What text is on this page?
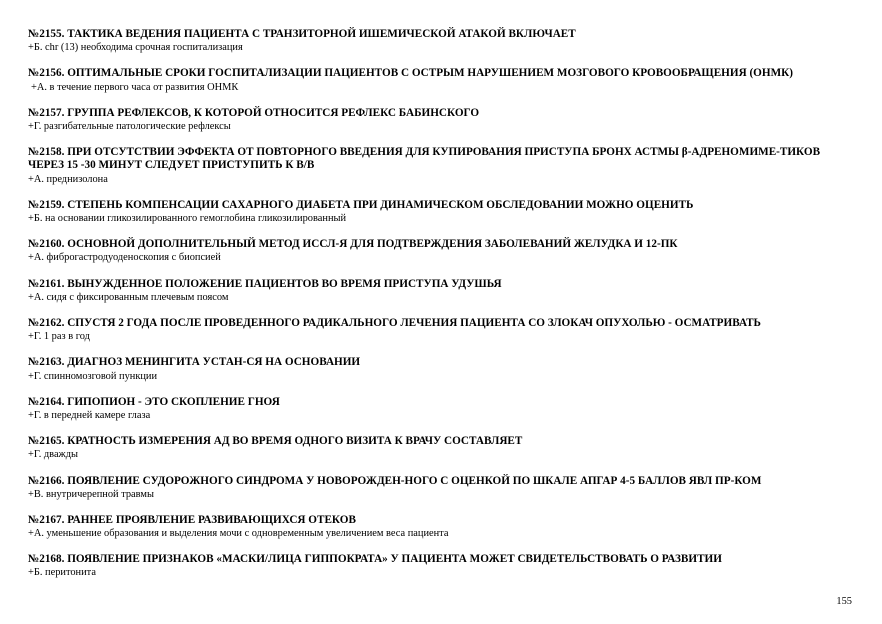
№2155. ТАКТИКА ВЕДЕНИЯ ПАЦИЕНТА С ТРАНЗИТОРНОЙ ИШЕМИЧЕСКОЙ АТАКОЙ ВКЛЮЧАЕТ
+Б. chr (13) необходима срочная госпитализация
№2156. ОПТИМАЛЬНЫЕ СРОКИ ГОСПИТАЛИЗАЦИИ ПАЦИЕНТОВ С ОСТРЫМ НАРУШЕНИЕМ МОЗГОВОГО КРОВООБРАЩЕНИЯ (ОНМК)
+А. в течение первого часа от развития ОНМК
№2157. ГРУППА РЕФЛЕКСОВ, К КОТОРОЙ ОТНОСИТСЯ РЕФЛЕКС БАБИНСКОГО
+Г. разгибательные патологические рефлексы
№2158. ПРИ ОТСУТСТВИИ ЭФФЕКТА ОТ ПОВТОРНОГО ВВЕДЕНИЯ ДЛЯ КУПИРОВАНИЯ ПРИСТУПА БРОНХ АСТМЫ β-АДРЕНОМИМЕ-ТИКОВ ЧЕРЕЗ 15 -30 МИНУТ СЛЕДУЕТ ПРИСТУПИТЬ К В/В
+А. преднизолона
№2159. СТЕПЕНЬ КОМПЕНСАЦИИ САХАРНОГО ДИАБЕТА ПРИ ДИНАМИЧЕСКОМ ОБСЛЕДОВАНИИ МОЖНО ОЦЕНИТЬ
+Б. на основании гликозилированного гемоглобина гликозилированный
№2160. ОСНОВНОЙ ДОПОЛНИТЕЛЬНЫЙ МЕТОД ИССЛ-Я ДЛЯ ПОДТВЕРЖДЕНИЯ ЗАБОЛЕВАНИЙ ЖЕЛУДКА И 12-ПК
+А. фиброгастродуоденоскопия с биопсией
№2161. ВЫНУЖДЕННОЕ ПОЛОЖЕНИЕ ПАЦИЕНТОВ ВО ВРЕМЯ ПРИСТУПА УДУШЬЯ
+А. сидя с фиксированным плечевым поясом
№2162. СПУСТЯ 2 ГОДА ПОСЛЕ ПРОВЕДЕННОГО РАДИКАЛЬНОГО ЛЕЧЕНИЯ ПАЦИЕНТА СО ЗЛОКАЧ ОПУХОЛЬЮ - ОСМАТРИВАТЬ
+Г. 1 раз в год
№2163. ДИАГНОЗ МЕНИНГИТА УСТАН-СЯ НА ОСНОВАНИИ
+Г. спинномозговой пункции
№2164. ГИПОПИОН - ЭТО СКОПЛЕНИЕ ГНОЯ
+Г. в передней камере глаза
№2165. КРАТНОСТЬ ИЗМЕРЕНИЯ АД ВО ВРЕМЯ ОДНОГО ВИЗИТА К ВРАЧУ СОСТАВЛЯЕТ
+Г. дважды
№2166. ПОЯВЛЕНИЕ СУДОРОЖНОГО СИНДРОМА У НОВОРОЖДЕН-НОГО С ОЦЕНКОЙ ПО ШКАЛЕ АПГАР 4-5 БАЛЛОВ ЯВЛ ПР-КОМ
+В. внутричерепной травмы
№2167. РАННЕЕ ПРОЯВЛЕНИЕ РАЗВИВАЮЩИХСЯ ОТЕКОВ
+А. уменьшение образования и выделения мочи с одновременным увеличением веса пациента
№2168. ПОЯВЛЕНИЕ ПРИЗНАКОВ «МАСКИ/ЛИЦА ГИППОКРАТА» У ПАЦИЕНТА МОЖЕТ СВИДЕТЕЛЬСТВОВАТЬ О РАЗВИТИИ
+Б. перитонита
155
